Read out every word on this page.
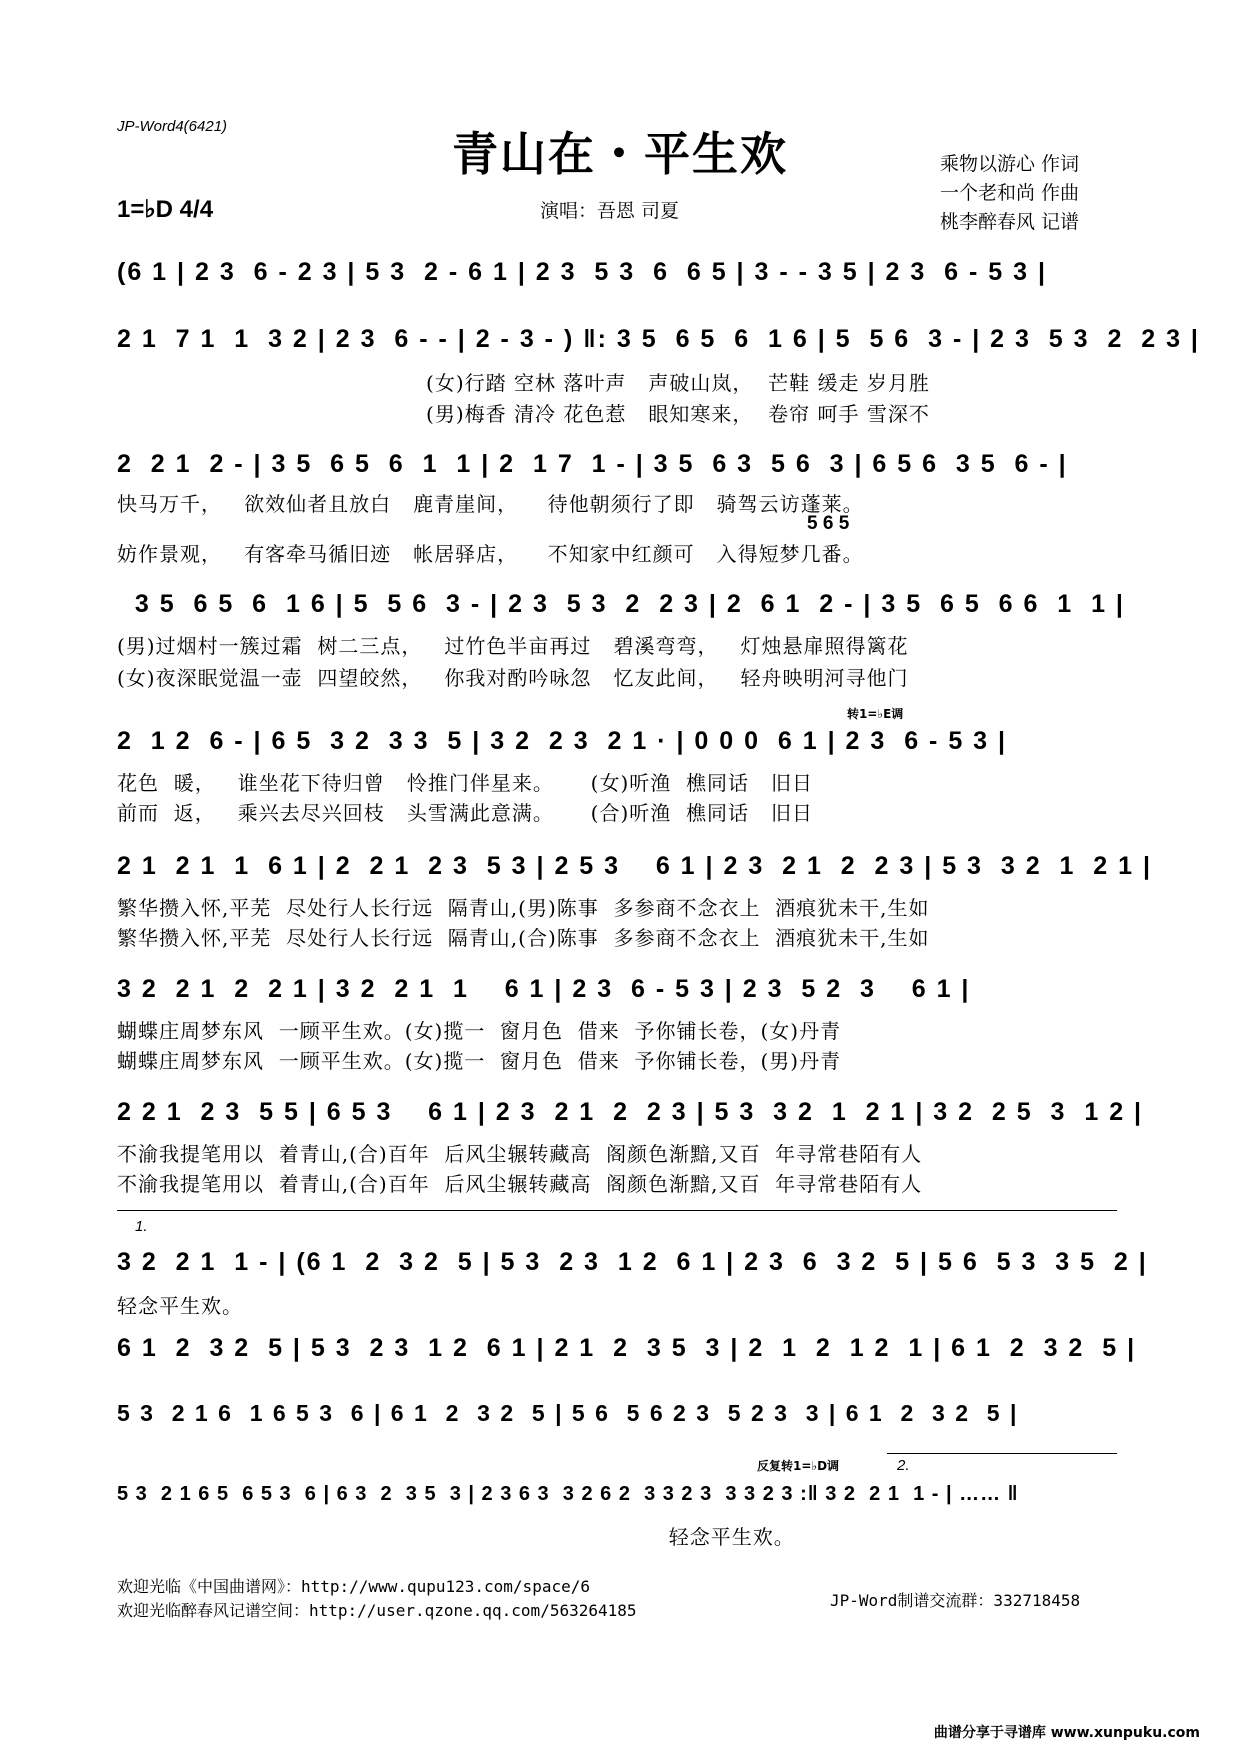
JP-Word4(6421)
青山在・平生欢	乘物以游心 作词
一个老和尚 作曲
桃李醉春风 记谱
1=♭D 4/4	演唱：吾恩 司夏
(6 1 | 2 3  6 - 2 3 | 5 3  2 - 6 1 | 2 3  5 3  6  6 5 | 3 - - 3 5 | 2 3  6 - 5 3 |
2 1  7 1  1  3 2 | 2 3  6 - - | 2 - 3 - ) ‖: 3 5  6 5  6  1 6 | 5  5 6  3 - | 2 3  5 3  2  2 3 |
(女)行踏 空林 落叶声   声破山岚，  芒鞋 缓走 岁月胜
(男)梅香 清冷 花色惹   眼知寒来，  卷帘 呵手 雪深不
2  2 1  2 - | 3 5  6 5  6  1  1 | 2  1 7  1 - | 3 5  6 3  5 6  3 | 6 5 6  3 5  6 - |
快马万千，   欲效仙者且放白   鹿青崖间，    待他朝须行了即   骑驾云访蓬莱。
5 6 5
妨作景观，   有客牵马循旧迹   帐居驿店，    不知家中红颜可   入得短梦几番。
3 5  6 5  6  1 6 | 5  5 6  3 - | 2 3  5 3  2  2 3 | 2  6 1  2 - | 3 5  6 5  6 6  1  1 |
(男)过烟村一簇过霜  树二三点，   过竹色半亩再过   碧溪弯弯，   灯烛悬扉照得篱花
(女)夜深眠觉温一壶  四望皎然，   你我对酌吟咏忽   忆友此间，   轻舟映明河寻他门
转1=♭E调
2  1 2  6 - | 6 5  3 2  3 3  5 | 3 2  2 3  2 1 · | 0 0 0  6 1 | 2 3  6 - 5 3 |
花色  暖，   谁坐花下待归曾   怜推门伴星来。     (女)听渔  樵同话   旧日
前而  返，   乘兴去尽兴回枝   头雪满此意满。     (合)听渔  樵同话   旧日
2 1  2 1  1  6 1 | 2  2 1  2 3  5 3 | 2 5 3    6 1 | 2 3  2 1  2  2 3 | 5 3  3 2  1  2 1 |
繁华攒入怀,平芜  尽处行人长行远  隔青山,(男)陈事  多参商不念衣上  酒痕犹未干,生如
繁华攒入怀,平芜  尽处行人长行远  隔青山,(合)陈事  多参商不念衣上  酒痕犹未干,生如
3 2  2 1  2  2 1 | 3 2  2 1  1    6 1 | 2 3  6 - 5 3 | 2 3  5 2  3    6 1 |
蝴蝶庄周梦东风  一顾平生欢。(女)揽一  窗月色  借来  予你铺长卷，(女)丹青
蝴蝶庄周梦东风  一顾平生欢。(女)揽一  窗月色  借来  予你铺长卷，(男)丹青
2 2 1  2 3  5 5 | 6 5 3    6 1 | 2 3  2 1  2  2 3 | 5 3  3 2  1  2 1 | 3 2  2 5  3  1 2 |
不渝我提笔用以  着青山,(合)百年  后风尘辗转藏高  阁颜色渐黯,又百  年寻常巷陌有人
不渝我提笔用以  着青山,(合)百年  后风尘辗转藏高  阁颜色渐黯,又百  年寻常巷陌有人
1.
3 2  2 1  1 - | (6 1  2  3 2  5 | 5 3  2 3  1 2  6 1 | 2 3  6  3 2  5 | 5 6  5 3  3 5  2 |
轻念平生欢。
6 1  2  3 2  5 | 5 3  2 3  1 2  6 1 | 2 1  2  3 5  3 | 2  1  2  1 2  1 | 6 1  2  3 2  5 |
5 3  2 1 6  1 6 5 3  6 | 6 1  2  3 2  5 | 5 6  5 6 2 3  5 2 3  3 | 6 1  2  3 2  5 |
反复转1=♭D调	2.
5 3  2 1 6 5  6 5 3  6 | 6 3  2  3 5  3 | 2 3 6 3  3 2 6 2  3 3 2 3  3 3 2 3 :‖ 3 2  2 1  1 - | …… ‖
轻念平生欢。
欢迎光临《中国曲谱网》：http://www.qupu123.com/space/6
欢迎光临醉春风记谱空间：http://user.qzone.qq.com/563264185
JP-Word制谱交流群：332718458
曲谱分享于寻谱库 www.xunpuku.com
